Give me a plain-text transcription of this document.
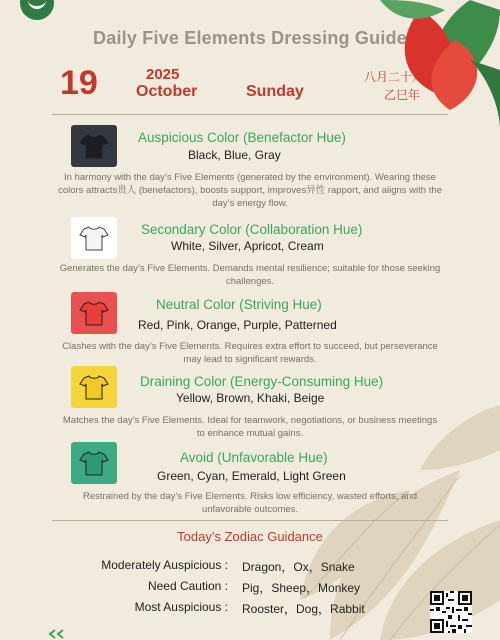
Daily Five Elements Dressing Guide
19	2025
October	Sunday
八月二十八
乙巳年
Auspicious Color (Benefactor Hue)
Black, Blue, Gray
In harmony with the day’s Five Elements (generated by the environment). Wearing these colors attracts贵人 (benefactors), boosts support, improves异性 rapport, and aligns with the day’s energy flow.
Secondary Color (Collaboration Hue)
White, Silver, Apricot, Cream
Generates the day’s Five Elements. Demands mental resilience; suitable for those seeking challenges.
Neutral Color (Striving Hue)
Red, Pink, Orange, Purple, Patterned
Clashes with the day’s Five Elements. Requires extra effort to succeed, but perseverance may lead to significant rewards.
Draining Color (Energy-Consuming Hue)
Yellow, Brown, Khaki, Beige
Matches the day’s Five Elements. Ideal for teamwork, negotiations, or business meetings to enhance mutual gains.
Avoid (Unfavorable Hue)
Green, Cyan, Emerald, Light Green
Restrained by the day’s Five Elements. Risks low efficiency, wasted efforts, and unfavorable outcomes.
Today’s Zodiac Guidance
Moderately Auspicious : Dragon，Ox，Snake
Need Caution : Pig，Sheep，Monkey
Most Auspicious : Rooster，Dog，Rabbit
